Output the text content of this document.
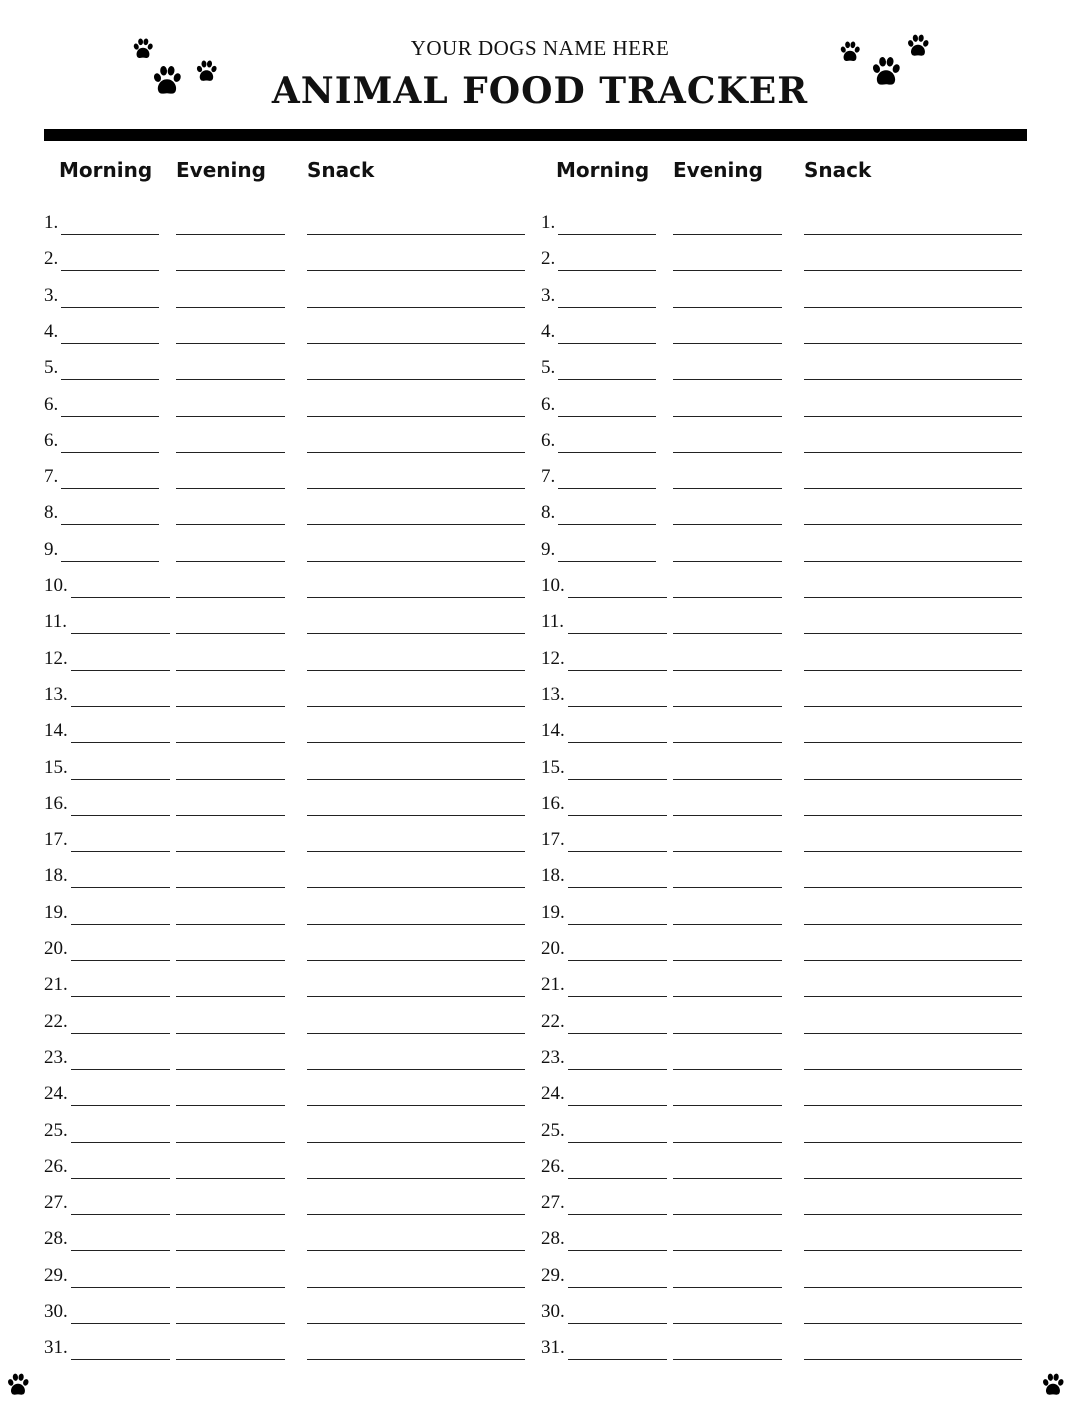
YOUR DOGS NAME HERE
ANIMAL FOOD TRACKER
Morning Evening Snack
1.
2.
3.
4.
5.
6.
6.
7.
8.
9.
10.
11.
12.
13.
14.
15.
16.
17.
18.
19.
20.
21.
22.
23.
24.
25.
26.
27.
28.
29.
30.
31.
Morning Evening Snack
1.
2.
3.
4.
5.
6.
6.
7.
8.
9.
10.
11.
12.
13.
14.
15.
16.
17.
18.
19.
20.
21.
22.
23.
24.
25.
26.
27.
28.
29.
30.
31.
